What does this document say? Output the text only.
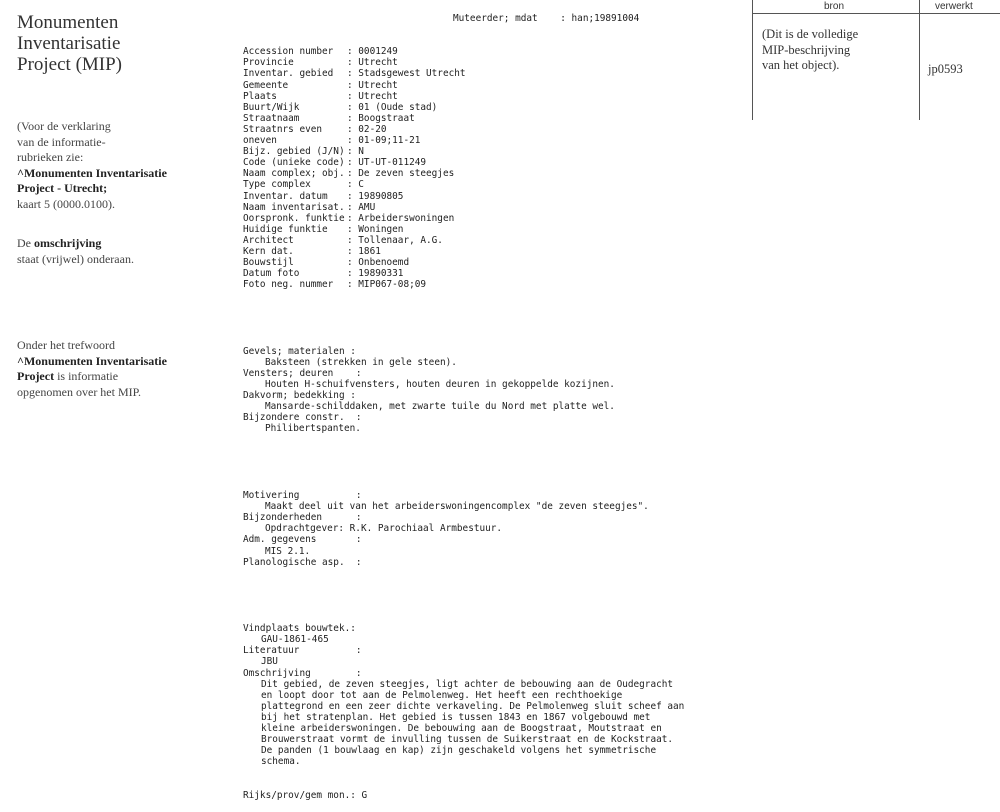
Monumenten
Inventarisatie
Project (MIP)
(Voor de verklaring
van de informatie-
rubrieken zie:
^Monumenten Inventarisatie
Project - Utrecht;
kaart 5 (0000.0100).
De omschrijving
staat (vrijwel) onderaan.
Onder het trefwoord
^Monumenten Inventarisatie
Project is informatie
opgenomen over het MIP.
bron	verwerkt
(Dit is de volledige
MIP-beschrijving
van het object).	jp0593

Muteerder; mdat    : han;19891004

Accession number	: 0001249
Provincie	: Utrecht
Inventar. gebied	: Stadsgewest Utrecht
Gemeente	: Utrecht
Plaats	: Utrecht
Buurt/Wijk	: 01 (Oude stad)
Straatnaam	: Boogstraat
Straatnrs even	: 02-20
oneven	: 01-09;11-21
Bijz. gebied (J/N) : N
Code (unieke code) : UT-UT-011249
Naam complex; obj. : De zeven steegjes
Type complex	: C
Inventar. datum	: 19890805
Naam inventarisat. : AMU
Oorspronk. funktie : Arbeiderswoningen
Huidige funktie	: Woningen
Architect	: Tollenaar, A.G.
Kern dat.	: 1861
Bouwstijl	: Onbenoemd
Datum foto	: 19890331
Foto neg. nummer	: MIP067-08;09

Gevels; materialen :
Baksteen (strekken in gele steen).
Vensters; deuren    :
Houten H-schuifvensters, houten deuren in gekoppelde kozijnen.
Dakvorm; bedekking :
Mansarde-schilddaken, met zwarte tuile du Nord met platte wel.
Bijzondere constr.  :
Philibertspanten.

Motivering          :
Maakt deel uit van het arbeiderswoningencomplex "de zeven steegjes".
Bijzonderheden      :
Opdrachtgever: R.K. Parochiaal Armbestuur.
Adm. gegevens       :
MIS 2.1.
Planologische asp.  :

Vindplaats bouwtek.:
GAU-1861-465
Literatuur          :
JBU
Omschrijving        :
Dit gebied, de zeven steegjes, ligt achter de bebouwing aan de Oudegracht
en loopt door tot aan de Pelmolenweg. Het heeft een rechthoekige
plattegrond en een zeer dichte verkaveling. De Pelmolenweg sluit scheef aan
bij het stratenplan. Het gebied is tussen 1843 en 1867 volgebouwd met
kleine arbeiderswoningen. De bebouwing aan de Boogstraat, Moutstraat en
Brouwerstraat vormt de invulling tussen de Suikerstraat en de Kockstraat.
De panden (1 bouwlaag en kap) zijn geschakeld volgens het symmetrische
schema.

Rijks/prov/gem mon.: G
